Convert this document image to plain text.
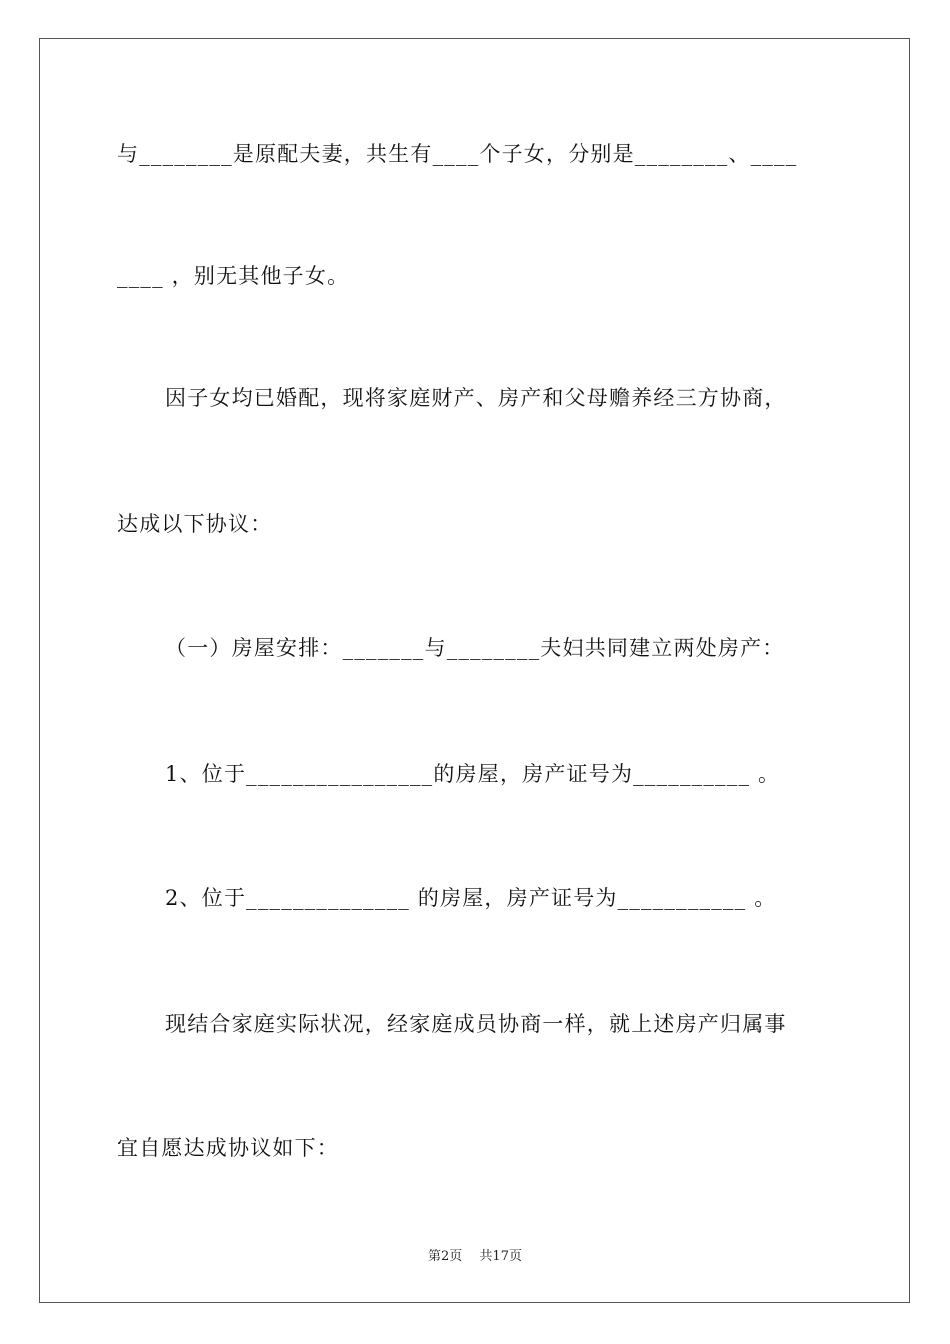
与________是原配夫妻，共生有____个子女，分别是________、____
____ ，别无其他子女。
因子女均已婚配，现将家庭财产、房产和父母赡养经三方协商，
达成以下协议：
（一）房屋安排：_______与________夫妇共同建立两处房产：
1、位于________________的房屋，房产证号为__________ 。
2、位于______________ 的房屋，房产证号为___________ 。
现结合家庭实际状况，经家庭成员协商一样，就上述房产归属事
宜自愿达成协议如下：
第2页　 共17页
